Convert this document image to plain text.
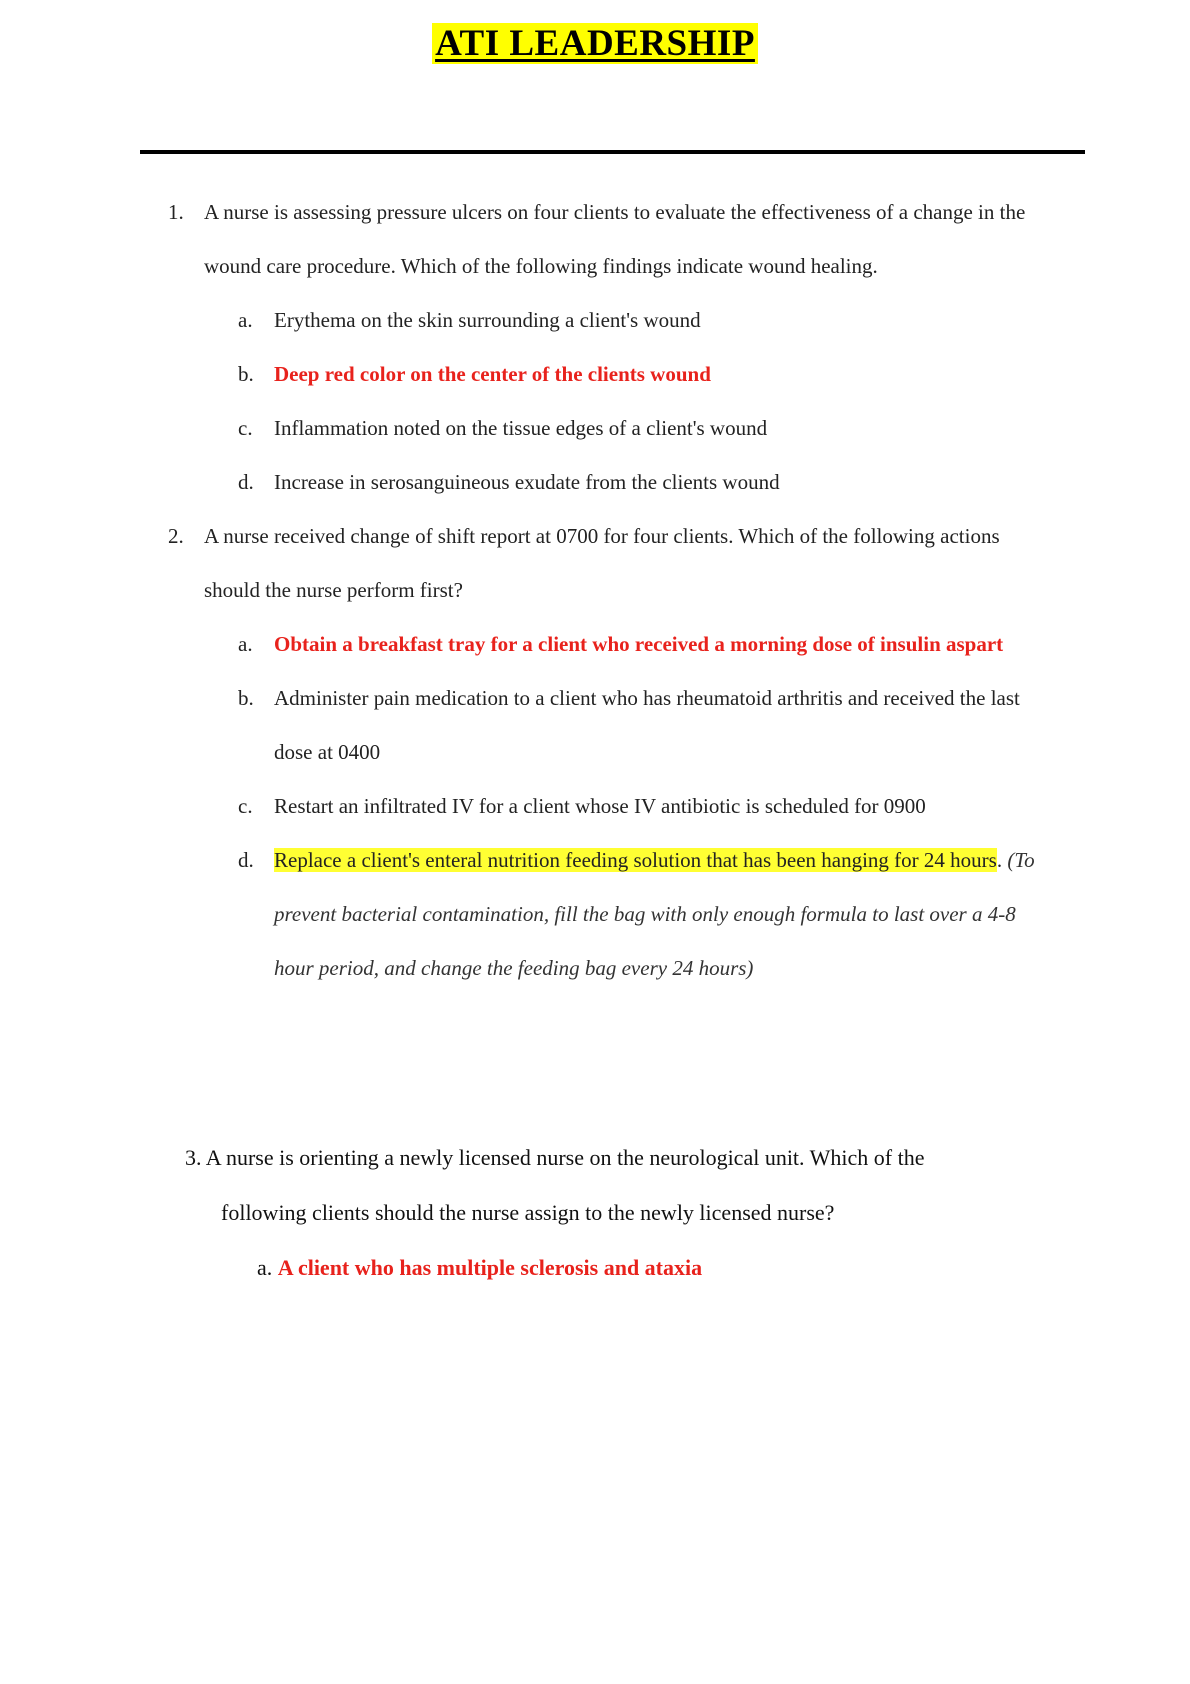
ATI LEADERSHIP
1. A nurse is assessing pressure ulcers on four clients to evaluate the effectiveness of a change in the wound care procedure. Which of the following findings indicate wound healing.
a. Erythema on the skin surrounding a client's wound
b. Deep red color on the center of the clients wound
c. Inflammation noted on the tissue edges of a client's wound
d. Increase in serosanguineous exudate from the clients wound
2. A nurse received change of shift report at 0700 for four clients. Which of the following actions should the nurse perform first?
a. Obtain a breakfast tray for a client who received a morning dose of insulin aspart
b. Administer pain medication to a client who has rheumatoid arthritis and received the last dose at 0400
c. Restart an infiltrated IV for a client whose IV antibiotic is scheduled for 0900
d. Replace a client's enteral nutrition feeding solution that has been hanging for 24 hours. (To prevent bacterial contamination, fill the bag with only enough formula to last over a 4-8 hour period, and change the feeding bag every 24 hours)
3. A nurse is orienting a newly licensed nurse on the neurological unit. Which of the
following clients should the nurse assign to the newly licensed nurse?
a. A client who has multiple sclerosis and ataxia
